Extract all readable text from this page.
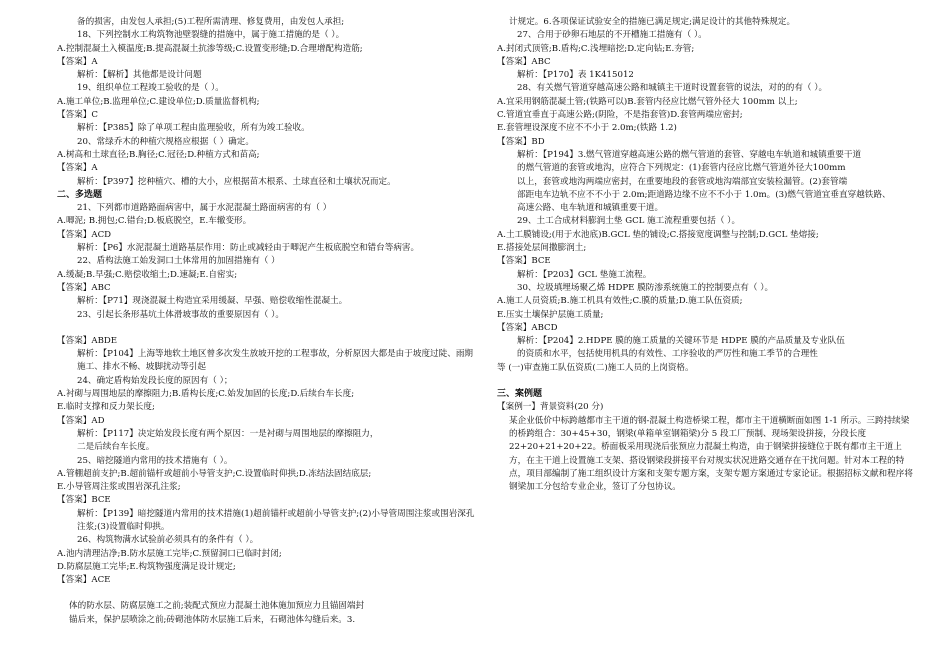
备的损害，由发包人承担;(5)工程所需清理、修复费用，由发包人承担;
18、下列控制水工构筑物池壁裂缝的措施中，属于施工措施的是（ ）。
A.控制混凝土入模温度;B.提高混凝土抗渗等级;C.设置变形缝;D.合理增配构造筋;
【答案】A
解析：【解析】其他都是设计问题
19、组织单位工程竣工验收的是（ ）。
A.施工单位;B.监理单位;C.建设单位;D.质量监督机构;
【答案】C
解析：【P385】除了单项工程由监理验收，所有为竣工验收。
20、常绿乔木的种植穴规格应根据（ ）确定。
A.树高和土球直径;B.胸径;C.冠径;D.种植方式和苗高;
【答案】A
解析：【P397】挖种植穴、槽的大小，应根据苗木根系、土球直径和土壤状况而定。
二、多选题
21、下列都市道路路面病害中，属于水泥混凝土路面病害的有（ ）
A.唧泥; B.拥包;C.错台;D.板底脱空，E.车辙变形。
【答案】ACD
解析：【P6】水泥混凝土道路基层作用：防止或减轻由于唧泥产生板底脱空和错台等病害。
22、盾构法施工始发洞口土体常用的加固措施有（ ）
A.缓凝;B.早强;C.赔偿收缩土;D.速凝;E.自密实;
【答案】ABC
解析：【P71】现浇混凝土构造宜采用缓凝、早强、赔偿收缩性混凝土。
23、引起长条形基坑土体滑坡事故的重要原因有（ ）。
【答案】ABDE
解析：【P104】上海等地软土地区曾多次发生放坡开挖的工程事故，分析原因大都是由于坡度过陡、雨期施工、排水不畅、坡脚扰动等引起
24、确定盾构始发段长度的原因有（ ）；
A.衬砌与周围地层的摩擦阻力;B.盾构长度;C.始发加固的长度;D.后续台车长度;
E.临时支撑和反力架长度;
【答案】AD
解析：【P117】决定始发段长度有两个原因：一是衬砌与周围地层的摩擦阻力，
二是后续台车长度。
25、暗挖隧道内常用的技术措施有（ ）。
A.管棚超前支护;B.超前锚杆或超前小导管支护;C.设置临时仰拱;D.冻结法固结底层;
E.小导管周注浆或围岩深孔注浆;
【答案】BCE
解析：【P139】暗挖隧道内常用的技术措施(1)超前锚杆或超前小导管支护;(2)小导管周围注浆或围岩深孔注浆;(3)设置临时仰拱。
26、构筑物满水试验前必须具有的条件有（ ）。
A.池内清理洁净;B.防水层施工完毕;C.预留洞口已临时封闭;
D.防腐层施工完毕;E.构筑物强度满足设计规定;
【答案】ACE
体的防水层、防腐层施工之前;装配式预应力混凝土池体施加预应力且锚固端封
锚后来，保护层喷涂之前;砖砌池体防水层施工后来，石砌池体勾缝后来。3.
计规定。6.各项保证试验安全的措施已满足规定;满足设计的其他特殊规定。
27、合用于砂卵石地层的不开槽施工措施有（ ）。
A.封闭式顶管;B.盾构;C.浅埋暗挖;D.定向钻;E.夯管;
【答案】ABC
解析：【P170】表 1K415012
28、有关燃气管道穿越高速公路和城镇主干道时设置套管的说法，对的的有（ ）。
A.宜采用钢筋混凝土管;(铁路可以)B.套管内径应比燃气管外径大 100mm 以上;
C.管道宜垂直于高速公路;(阴险，不是指套管)D.套管两端应密封;
E.套管埋设深度不应不不小于 2.0m;(铁路 1.2)
【答案】BD
解析：【P194】3.燃气管道穿越高速公路的燃气管道的套管、穿越电车轨道和城镇重要干道
的燃气管道的套管或地沟，应符合下列规定：(1)套管内径应比燃气管道外径大100mm
以上，套管或地沟两端应密封，在重要地段的套管或地沟端部宜安装检漏管。(2)套管端
部距电车边轨不应不不小于 2.0m;距道路边缘不应不不小于 1.0m。(3)燃气管道宜垂直穿越铁路、
高速公路、电车轨道和城镇重要干道。
29、土工合成材料膨润土垫 GCL 施工流程重要包括（ ）。
A.土工膜铺设;(用于水池底)B.GCL 垫的铺设;C.搭接宽度调整与控制;D.GCL 垫熔接;
E.搭接处层间撒膨润土;
【答案】BCE
解析：【P203】GCL 垫施工流程。
30、垃圾填埋场聚乙烯 HDPE 膜防渗系统施工的控制要点有（ ）。
A.施工人员资质;B.施工机具有效性;C.膜的质量;D.施工队伍资质;
E.压实土壤保护层施工质量;
【答案】ABCD
解析：【P204】2.HDPE 膜的施工质量的关键环节是 HDPE 膜的产品质量及专业队伍
的资质和水平，包括使用机具的有效性、工序验收的严厉性和施工季节的合理性
等 (一)审查施工队伍资质(二)施工人员的上岗资格。
三、案例题
【案例一】背景资料(20 分)
某企业低价中标跨越都市主干道的钢-混凝土构造桥梁工程，都市主干道横断面如图 1-1 所示。三跨持续梁的桥跨组合：30+45+30，钢梁(单箱单室钢箱梁)分 5 段工厂预制、现场架设拼接，分段长度22+20+21+20+22。桥面板采用现浇后张预应力混凝土构造，由于钢梁拼接缝位于既有都市主干道上方，在主干道上设置施工支架、搭设钢梁段拼接平台对规实状况进路交通存在干扰问题。针对本工程的特点，项目部编制了施工组织设计方案和支架专题方案，支架专题方案通过专家论证。根据招标文献和程序将钢梁加工分包给专业企业，签订了分包协议。
